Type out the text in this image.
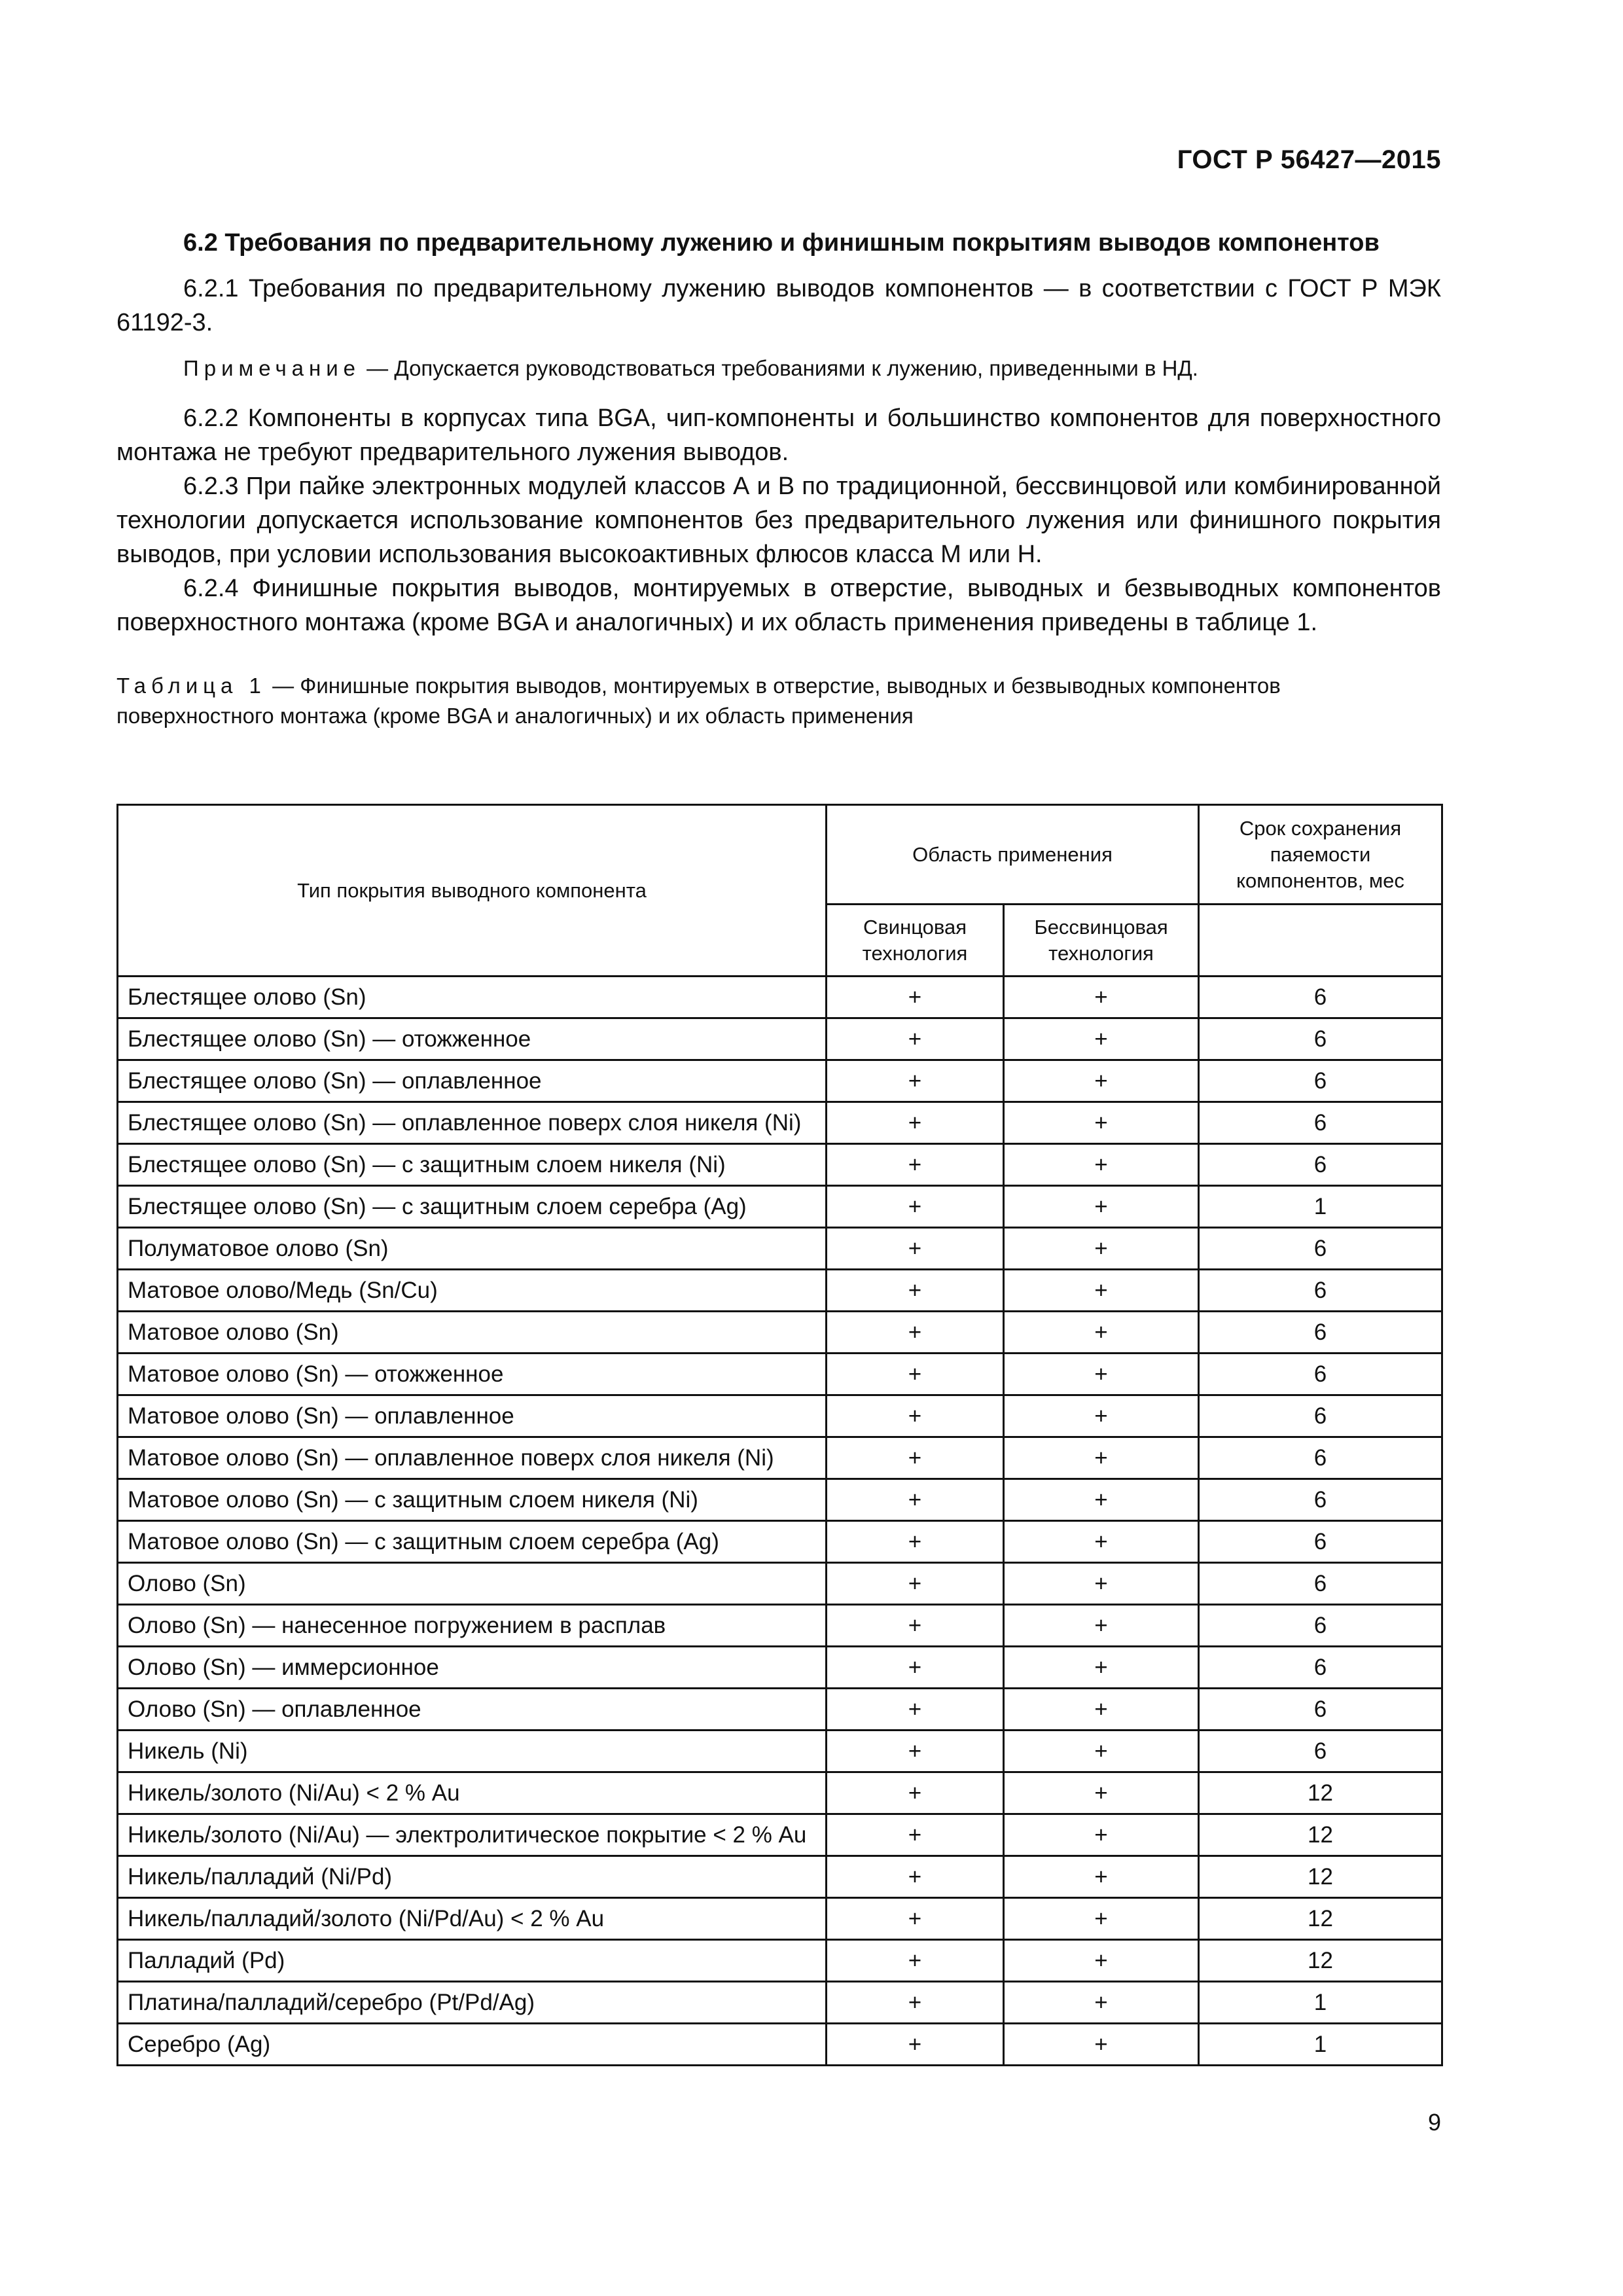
ГОСТ Р 56427—2015

6.2 Требования по предварительному лужению и финишным покрытиям выводов компонентов

6.2.1 Требования по предварительному лужению выводов компонентов — в соответствии с ГОСТ Р МЭК 61192-3.

Примечание — Допускается руководствоваться требованиями к лужению, приведенными в НД.

6.2.2 Компоненты в корпусах типа BGA, чип-компоненты и большинство компонентов для поверхностного монтажа не требуют предварительного лужения выводов.

6.2.3 При пайке электронных модулей классов А и В по традиционной, бессвинцовой или комбинированной технологии допускается использование компонентов без предварительного лужения или финишного покрытия выводов, при условии использования высокоактивных флюсов класса М или Н.

6.2.4 Финишные покрытия выводов, монтируемых в отверстие, выводных и безвыводных компонентов поверхностного монтажа (кроме BGA и аналогичных) и их область применения приведены в таблице 1.

Таблица 1 — Финишные покрытия выводов, монтируемых в отверстие, выводных и безвыводных компонентов поверхностного монтажа (кроме BGA и аналогичных) и их область применения

Тип покрытия выводного компонента	Область применения		Срок сохранения паяемости компонентов, мес
	Свинцовая технология	Бессвинцовая технология	
Блестящее олово (Sn)	+	+	6
Блестящее олово (Sn) — отожженное	+	+	6
Блестящее олово (Sn) — оплавленное	+	+	6
Блестящее олово (Sn) — оплавленное поверх слоя никеля (Ni)	+	+	6
Блестящее олово (Sn) — с защитным слоем никеля (Ni)	+	+	6
Блестящее олово (Sn) — с защитным слоем серебра (Ag)	+	+	1
Полуматовое олово (Sn)	+	+	6
Матовое олово/Медь (Sn/Cu)	+	+	6
Матовое олово (Sn)	+	+	6
Матовое олово (Sn) — отожженное	+	+	6
Матовое олово (Sn) — оплавленное	+	+	6
Матовое олово (Sn) — оплавленное поверх слоя никеля (Ni)	+	+	6
Матовое олово (Sn) — с защитным слоем никеля (Ni)	+	+	6
Матовое олово (Sn) — с защитным слоем серебра (Ag)	+	+	6
Олово (Sn)	+	+	6
Олово (Sn) — нанесенное погружением в расплав	+	+	6
Олово (Sn) — иммерсионное	+	+	6
Олово (Sn) — оплавленное	+	+	6
Никель (Ni)	+	+	6
Никель/золото (Ni/Au) < 2 % Au	+	+	12
Никель/золото (Ni/Au) — электролитическое покрытие < 2 % Au	+	+	12
Никель/палладий (Ni/Pd)	+	+	12
Никель/палладий/золото (Ni/Pd/Au) < 2 % Au	+	+	12
Палладий (Pd)	+	+	12
Платина/палладий/серебро (Pt/Pd/Ag)	+	+	1
Серебро (Ag)	+	+	1
9
